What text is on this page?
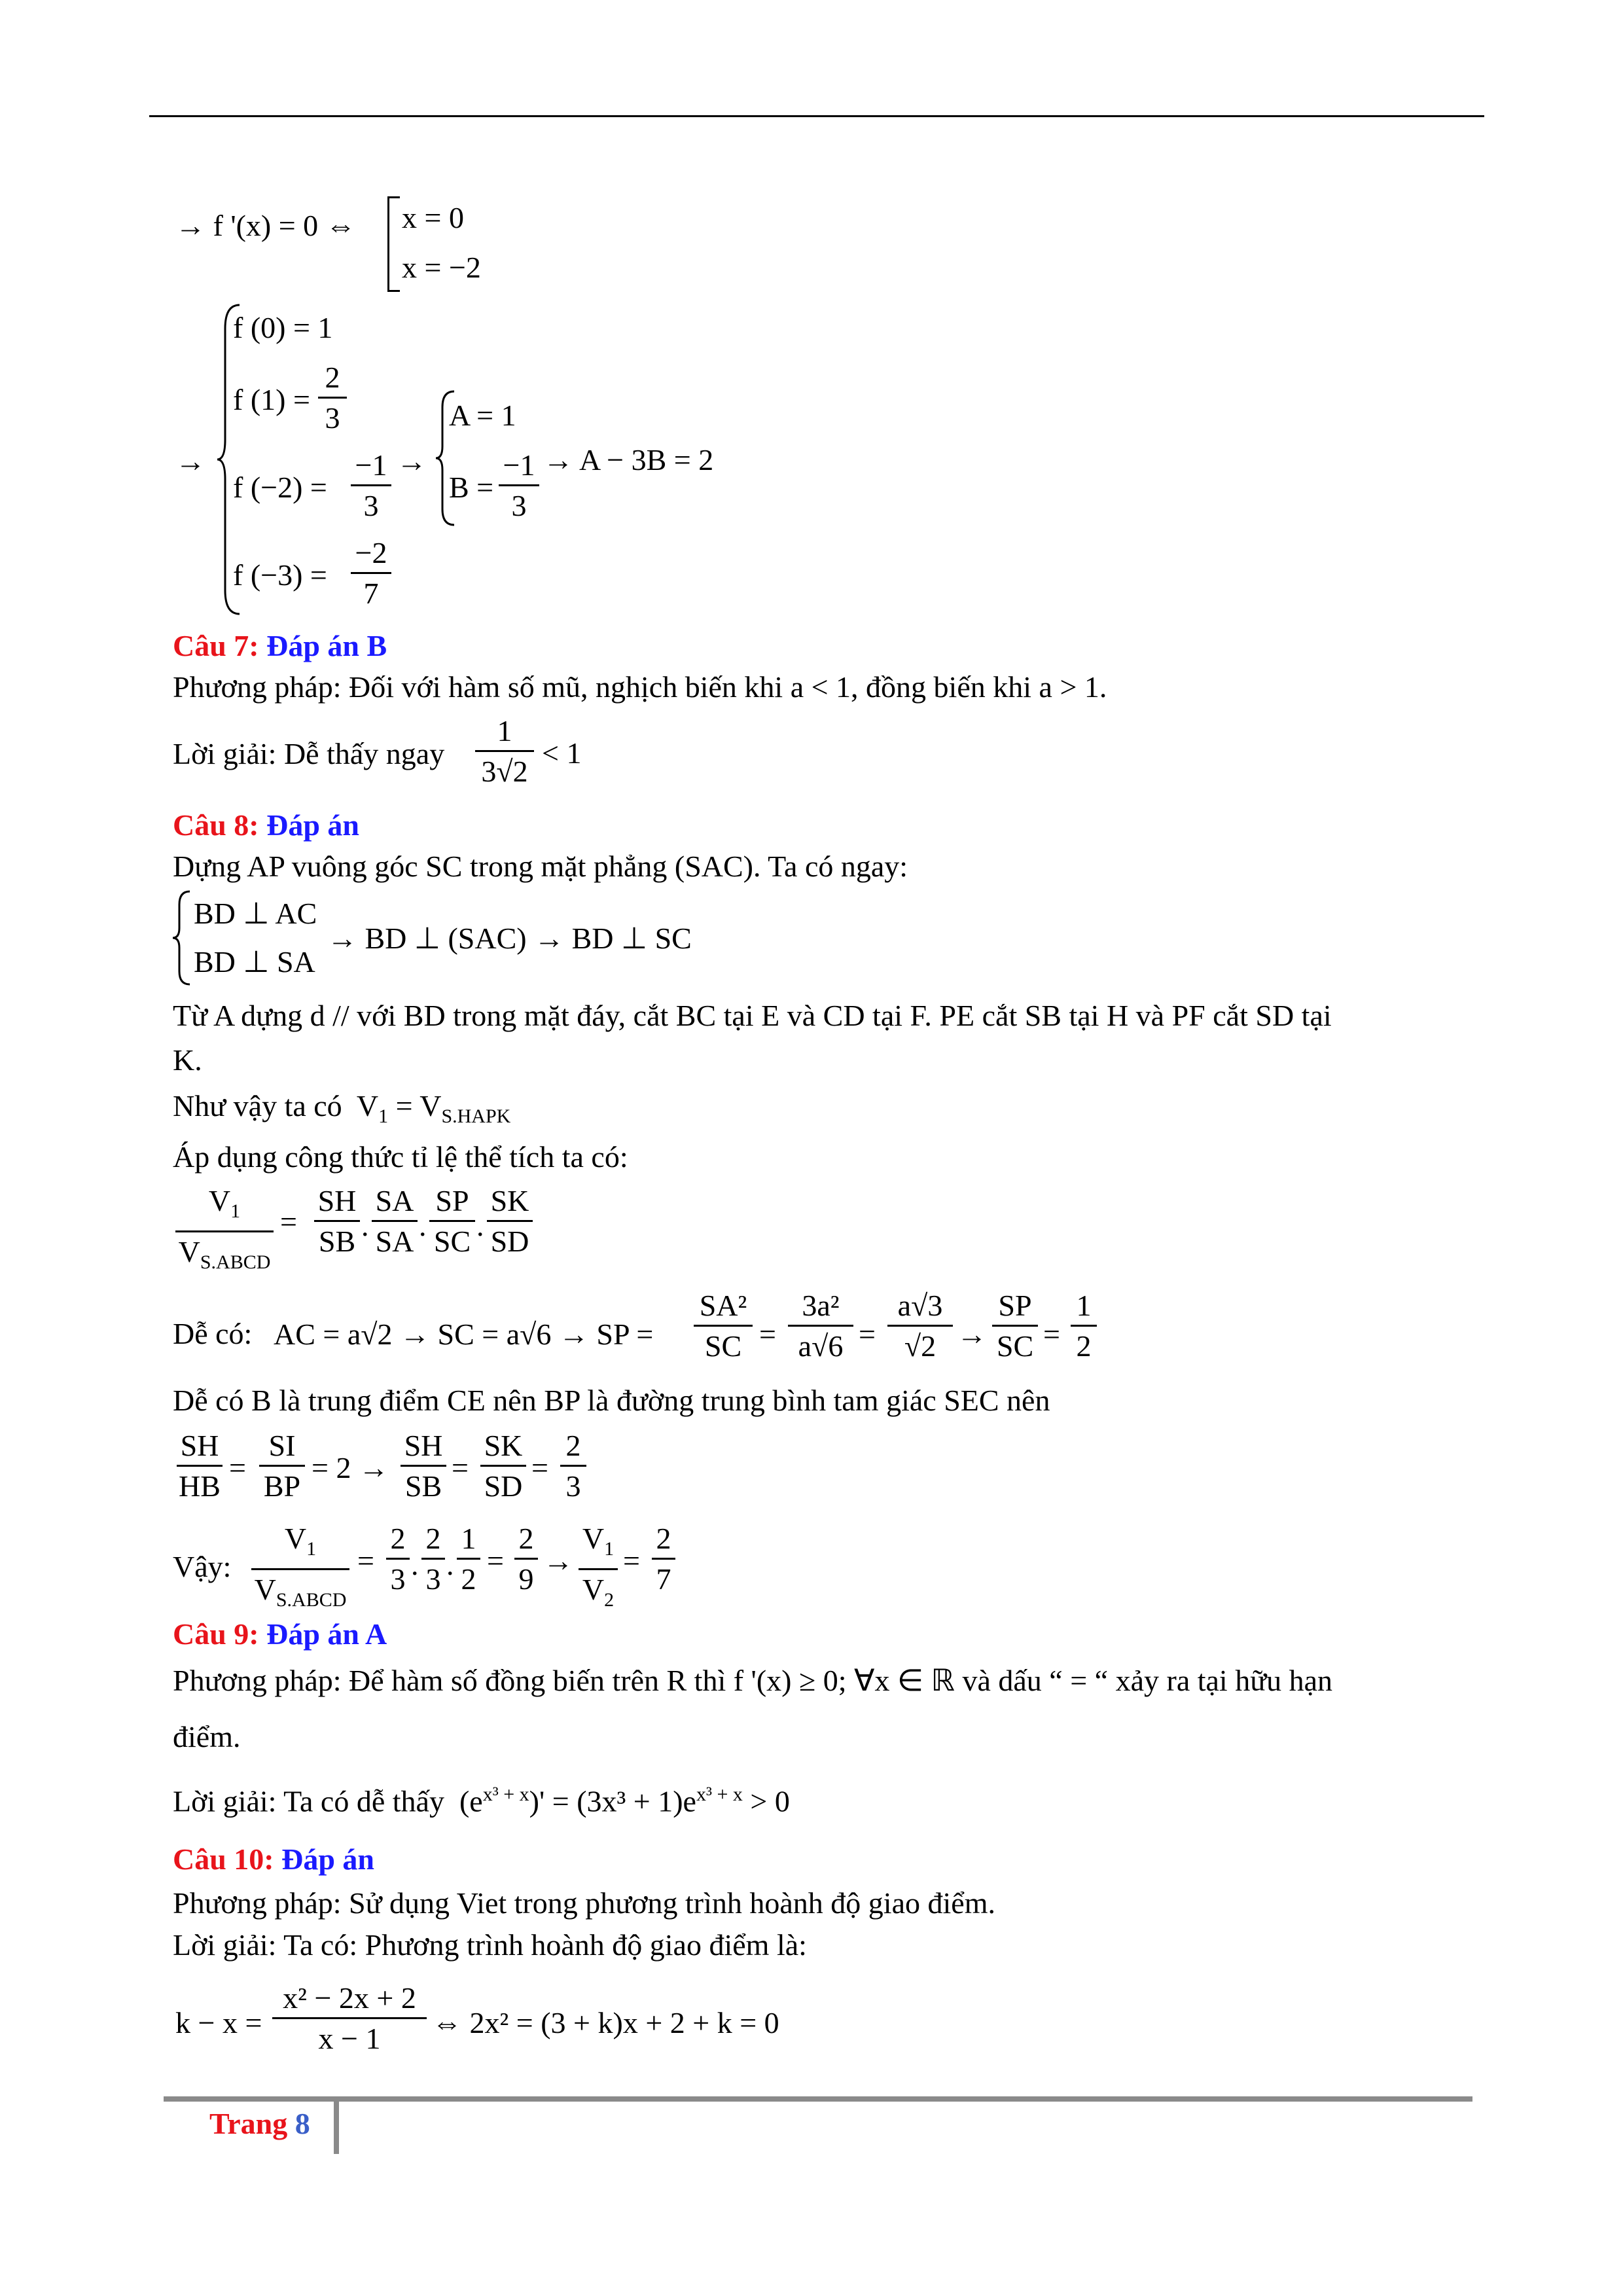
→ f '(x) = 0 ⇔ x = 0
x = −2
→
f (0) = 1
f (1) =
2
3
f (−2) =
−1
3
f (−3) =
−2
7
→
A = 1
B =
−1
3
→ A − 3B = 2
Câu 7: Đáp án B
Phương pháp: Đối với hàm số mũ, nghịch biến khi a < 1, đồng biến khi a > 1.
Lời giải: Dễ thấy ngay
1
3√2
< 1
Câu 8: Đáp án
Dựng AP vuông góc SC trong mặt phẳng (SAC). Ta có ngay:
BD ⊥ AC
BD ⊥ SA
→ BD ⊥ (SAC) → BD ⊥ SC
Từ A dựng d // với BD trong mặt đáy, cắt BC tại E và CD tại F. PE cắt SB tại H và PF cắt SD tại
K.
Như vậy ta có $V_1 = V_{S.HAPK}$
Áp dụng công thức tỉ lệ thể tích ta có:
$V_1$
$V_{S.ABCD}$
=
SH
SB .
SA
SA .
SP
SC .
SK
SD
Dễ có: AC = a√2 → SC = a√6 → SP =
SA²
SC =
3a²
a√6 =
a√3
√2 →
SP
SC =
1
2
Dễ có B là trung điểm CE nên BP là đường trung bình tam giác SEC nên
SH
HB
=
SI
BP
= 2 →
SH
SB
=
SK
SD
=
2
3
Vậy:
$V_1$
$V_{S.ABCD}$
=
2
3 .
2
3 .
1
2
=
2
9
→
$V_1$
$V_2$
=
2
7
Câu 9: Đáp án A
Phương pháp: Để hàm số đồng biến trên R thì f '(x) ≥ 0; ∀x ∈ ℝ và dấu “ = “ xảy ra tại hữu hạn
điểm.
Lời giải: Ta có dễ thấy $(e^{x^3 + x})' = (3x^3 + 1)e^{x^3 + x} > 0$
Câu 10: Đáp án
Phương pháp: Sử dụng Viet trong phương trình hoành độ giao điểm.
Lời giải: Ta có: Phương trình hoành độ giao điểm là:
k − x =
x² − 2x + 2
x − 1	⇔ 2x² = (3 + k)x + 2 + k = 0
Trang 8
